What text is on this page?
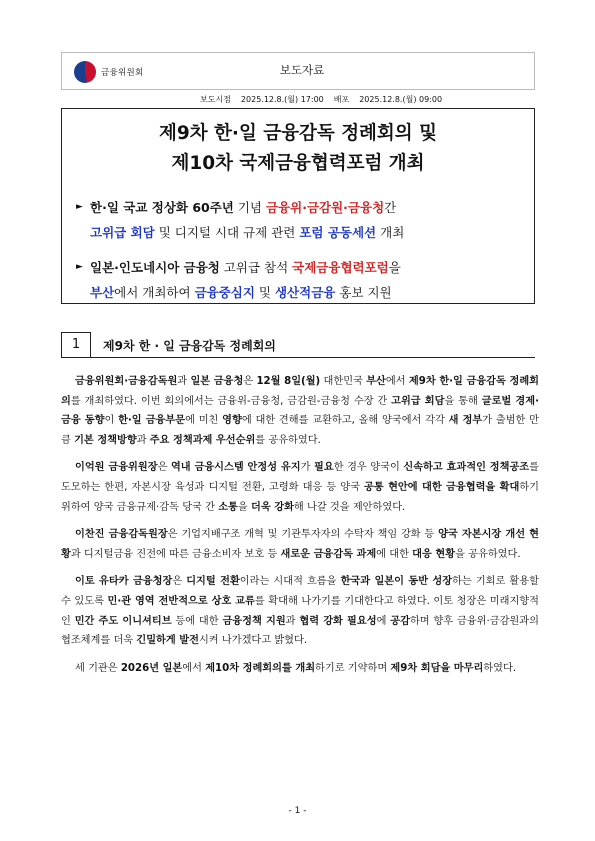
금융위원회	보도자료
보도시점 2025.12.8.(월) 17:00 배포 2025.12.8.(월) 09:00
제9차 한·일 금융감독 정례회의 및
제10차 국제금융협력포럼 개최
► 한·일 국교 정상화 60주년 기념 금융위·금감원·금융청간
고위급 회담 및 디지털 시대 규제 관련 포럼 공동세션 개최
► 일본·인도네시아 금융청 고위급 참석 국제금융협력포럼을
부산에서 개최하여 금융중심지 및 생산적금융 홍보 지원
1	제9차 한 · 일 금융감독 정례회의

금융위원회·금융감독원과 일본 금융청은 12월 8일(월) 대한민국 부산에서 제9차 한·일 금융감독 정례회의를 개최하였다. 이번 회의에서는 금융위-금융청, 금감원-금융청 수장 간 고위급 회담을 통해 글로벌 경제·금융 동향이 한·일 금융부문에 미친 영향에 대한 견해를 교환하고, 올해 양국에서 각각 새 정부가 출범한 만큼 기본 정책방향과 주요 정책과제 우선순위를 공유하였다.

이억원 금융위원장은 역내 금융시스템 안정성 유지가 필요한 경우 양국이 신속하고 효과적인 정책공조를 도모하는 한편, 자본시장 육성과 디지털 전환, 고령화 대응 등 양국 공통 현안에 대한 금융협력을 확대하기 위하여 양국 금융규제·감독 당국 간 소통을 더욱 강화해 나갈 것을 제안하였다.

이찬진 금융감독원장은 기업지배구조 개혁 및 기관투자자의 수탁자 책임 강화 등 양국 자본시장 개선 현황과 디지털금융 진전에 따른 금융소비자 보호 등 새로운 금융감독 과제에 대한 대응 현황을 공유하였다.

이토 유타카 금융청장은 디지털 전환이라는 시대적 흐름을 한국과 일본이 동반 성장하는 기회로 활용할 수 있도록 민·관 영역 전반적으로 상호 교류를 확대해 나가기를 기대한다고 하였다. 이토 청장은 미래지향적인 민간 주도 이니셔티브 등에 대한 금융정책 지원과 협력 강화 필요성에 공감하며 향후 금융위·금감원과의 협조체계를 더욱 긴밀하게 발전시켜 나가겠다고 밝혔다.

세 기관은 2026년 일본에서 제10차 정례회의를 개최하기로 기약하며 제9차 회담을 마무리하였다.

- 1 -
